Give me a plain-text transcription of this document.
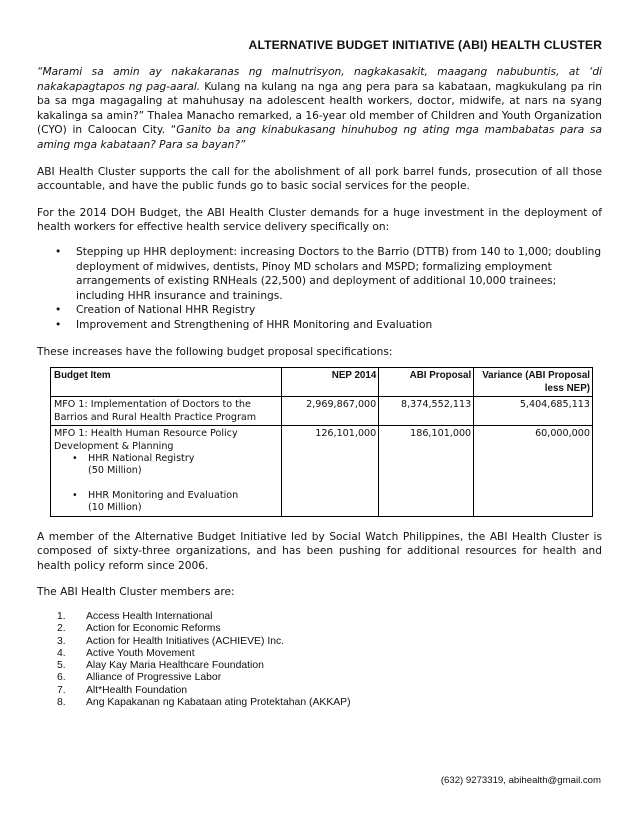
ALTERNATIVE BUDGET INITIATIVE (ABI) HEALTH CLUSTER

“Marami sa amin ay nakakaranas ng malnutrisyon, nagkakasakit, maagang nabubuntis, at ‘di nakakapagtapos ng pag-aaral. Kulang na kulang na nga ang pera para sa kabataan, magkukulang pa rin ba sa mga magagaling at mahuhusay na adolescent health workers, doctor, midwife, at nars na syang kakalinga sa amin?” Thalea Manacho remarked, a 16-year old member of Children and Youth Organization (CYO) in Caloocan City. “Ganito ba ang kinabukasang hinuhubog ng ating mga mambabatas para sa aming mga kabataan? Para sa bayan?”

ABI Health Cluster supports the call for the abolishment of all pork barrel funds, prosecution of all those accountable, and have the public funds go to basic social services for the people.

For the 2014 DOH Budget, the ABI Health Cluster demands for a huge investment in the deployment of health workers for effective health service delivery specifically on:

• Stepping up HHR deployment: increasing Doctors to the Barrio (DTTB) from 140 to 1,000; doubling deployment of midwives, dentists, Pinoy MD scholars and MSPD; formalizing employment arrangements of existing RNHeals (22,500) and deployment of additional 10,000 trainees; including HHR insurance and trainings.
• Creation of National HHR Registry
• Improvement and Strengthening of HHR Monitoring and Evaluation

These increases have the following budget proposal specifications:

Budget Item	NEP 2014	ABI Proposal	Variance (ABI Proposal less NEP)
MFO 1: Implementation of Doctors to the Barrios and Rural Health Practice Program	2,969,867,000	8,374,552,113	5,404,685,113

MFO 1: Health Human Resource Policy Development & Planning
• HHR National Registry
(50 Million)
• HHR Monitoring and Evaluation
(10 Million)	126,101,000	186,101,000	60,000,000

A member of the Alternative Budget Initiative led by Social Watch Philippines, the ABI Health Cluster is composed of sixty-three organizations, and has been pushing for additional resources for health and health policy reform since 2006.

The ABI Health Cluster members are:

1. Access Health International
2. Action for Economic Reforms
3. Action for Health Initiatives (ACHIEVE) Inc.
4. Active Youth Movement
5. Alay Kay Maria Healthcare Foundation
6. Alliance of Progressive Labor
7. Alt*Health Foundation
8. Ang Kapakanan ng Kabataan ating Protektahan (AKKAP)
(632) 9273319, abihealth@gmail.com
